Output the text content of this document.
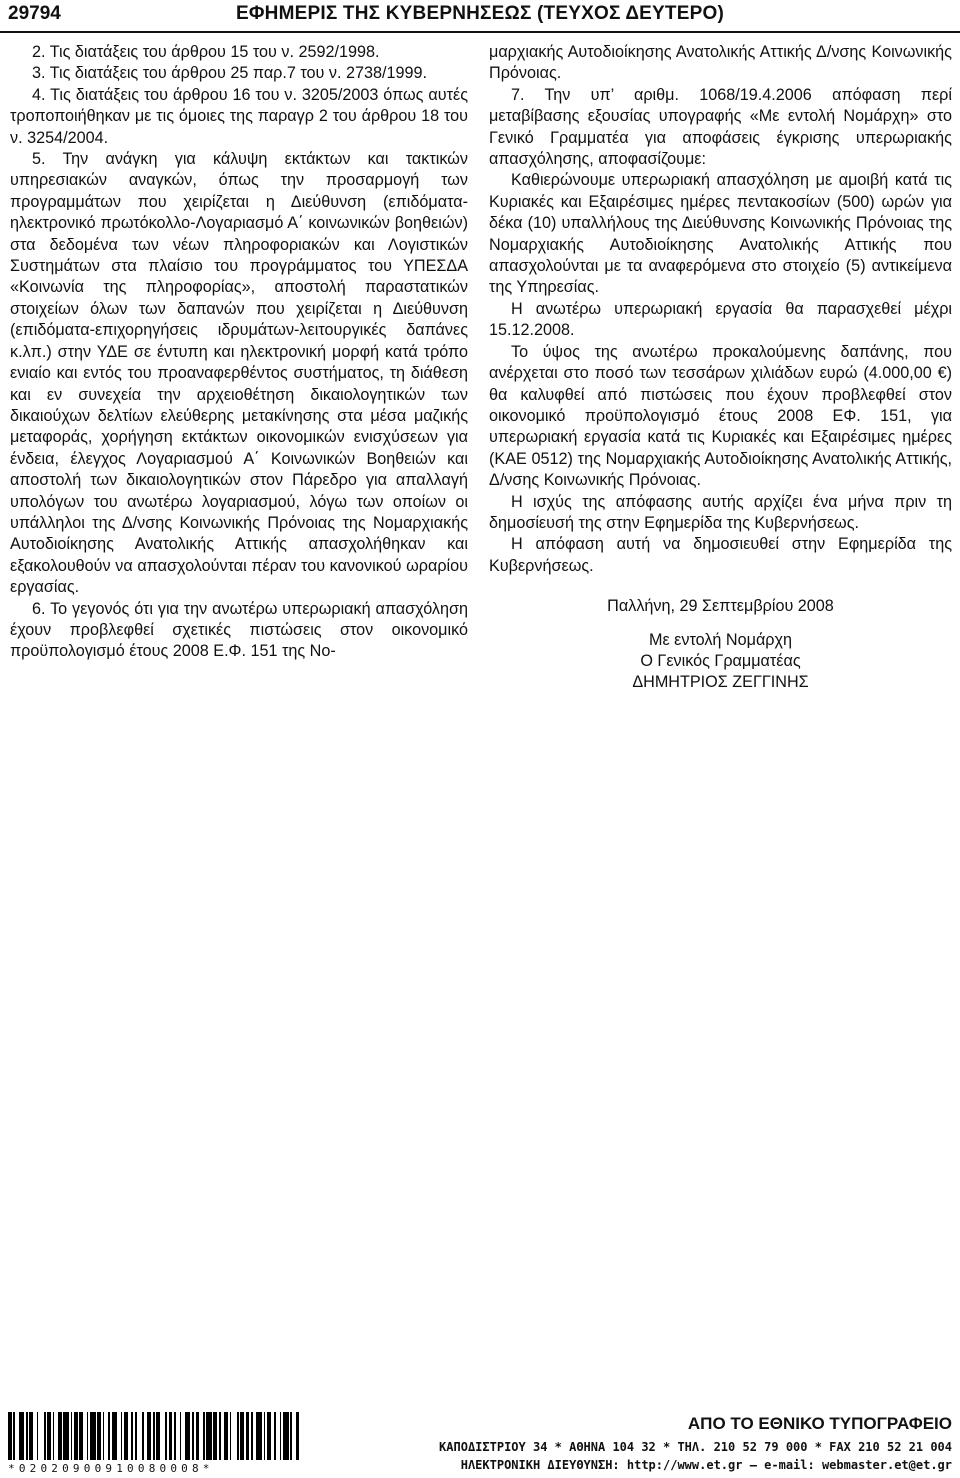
29794	ΕΦΗΜΕΡΙΣ ΤΗΣ ΚΥΒΕΡΝΗΣΕΩΣ (ΤΕΥΧΟΣ ΔΕΥΤΕΡΟ)

2. Τις διατάξεις του άρθρου 15 του ν. 2592/1998.

3. Τις διατάξεις του άρθρου 25 παρ.7 του ν. 2738/1999.

4. Τις διατάξεις του άρθρου 16 του ν. 3205/2003 όπως αυτές τροποποιήθηκαν με τις όμοιες της παραγρ 2 του άρθρου 18 του ν. 3254/2004.

5. Την ανάγκη για κάλυψη εκτάκτων και τακτικών υπηρεσιακών αναγκών, όπως την προσαρμογή των προγραμμάτων που χειρίζεται η Διεύθυνση (επιδόματα-ηλεκτρονικό πρωτόκολλο-Λογαριασμό Α΄ κοινωνικών βοηθειών) στα δεδομένα των νέων πληροφοριακών και Λογιστικών Συστημάτων στα πλαίσιο του προγράμματος του ΥΠΕΣΔΑ «Κοινωνία της πληροφορίας», αποστολή παραστατικών στοιχείων όλων των δαπανών που χειρίζεται η Διεύθυνση (επιδόματα-επιχορηγήσεις ιδρυμάτων-λειτουργικές δαπάνες κ.λπ.) στην ΥΔΕ σε έντυπη και ηλεκτρονική μορφή κατά τρόπο ενιαίο και εντός του προαναφερθέντος συστήματος, τη διάθεση και εν συνεχεία την αρχειοθέτηση δικαιολογητικών των δικαιούχων δελτίων ελεύθερης μετακίνησης στα μέσα μαζικής μεταφοράς, χορήγηση εκτάκτων οικονομικών ενισχύσεων για ένδεια, έλεγχος Λογαριασμού Α΄ Κοινωνικών Βοηθειών και αποστολή των δικαιολογητικών στον Πάρεδρο για απαλλαγή υπολόγων του ανωτέρω λογαριασμού, λόγω των οποίων οι υπάλληλοι της Δ/νσης Κοινωνικής Πρόνοιας της Νομαρχιακής Αυτοδιοίκησης Ανατολικής Αττικής απασχολήθηκαν και εξακολουθούν να απασχολούνται πέραν του κανονικού ωραρίου εργασίας.

6. Το γεγονός ότι για την ανωτέρω υπερωριακή απασχόληση έχουν προβλεφθεί σχετικές πιστώσεις στον οικονομικό προϋπολογισμό έτους 2008 Ε.Φ. 151 της Νο-

μαρχιακής Αυτοδιοίκησης Ανατολικής Αττικής Δ/νσης Κοινωνικής Πρόνοιας.

7. Την υπ’ αριθμ. 1068/19.4.2006 απόφαση περί μεταβίβασης εξουσίας υπογραφής «Με εντολή Νομάρχη» στο Γενικό Γραμματέα για αποφάσεις έγκρισης υπερωριακής απασχόλησης, αποφασίζουμε:

Καθιερώνουμε υπερωριακή απασχόληση με αμοιβή κατά τις Κυριακές και Εξαιρέσιμες ημέρες πεντακοσίων (500) ωρών για δέκα (10) υπαλλήλους της Διεύθυνσης Κοινωνικής Πρόνοιας της Νομαρχιακής Αυτοδιοίκησης Ανατολικής Αττικής που απασχολούνται με τα αναφερόμενα στο στοιχείο (5) αντικείμενα της Υπηρεσίας.

Η ανωτέρω υπερωριακή εργασία θα παρασχεθεί μέχρι 15.12.2008.

Το ύψος της ανωτέρω προκαλούμενης δαπάνης, που ανέρχεται στο ποσό των τεσσάρων χιλιάδων ευρώ (4.000,00 €) θα καλυφθεί από πιστώσεις που έχουν προβλεφθεί στον οικονομικό προϋπολογισμό έτους 2008 ΕΦ. 151, για υπερωριακή εργασία κατά τις Κυριακές και Εξαιρέσιμες ημέρες (ΚΑΕ 0512) της Νομαρχιακής Αυτοδιοίκησης Ανατολικής Αττικής, Δ/νσης Κοινωνικής Πρόνοιας.

Η ισχύς της απόφασης αυτής αρχίζει ένα μήνα πριν τη δημοσίευσή της στην Εφημερίδα της Κυβερνήσεως.

Η απόφαση αυτή να δημοσιευθεί στην Εφημερίδα της Κυβερνήσεως.

Παλλήνη, 29 Σεπτεμβρίου 2008

Με εντολή Νομάρχη

Ο Γενικός Γραμματέας

ΔΗΜΗΤΡΙΟΣ ΖΕΓΓΙΝΗΣ

*02020900910080008*
ΑΠΟ ΤΟ ΕΘΝΙΚΟ ΤΥΠΟΓΡΑΦΕΙΟ
ΚΑΠΟΔΙΣΤΡΙΟΥ 34 * ΑΘΗΝΑ 104 32 * ΤΗΛ. 210 52 79 000 * FAX 210 52 21 004
ΗΛΕΚΤΡΟΝΙΚΗ ΔΙΕΥΘΥΝΣΗ: http://www.et.gr — e-mail: webmaster.et@et.gr
